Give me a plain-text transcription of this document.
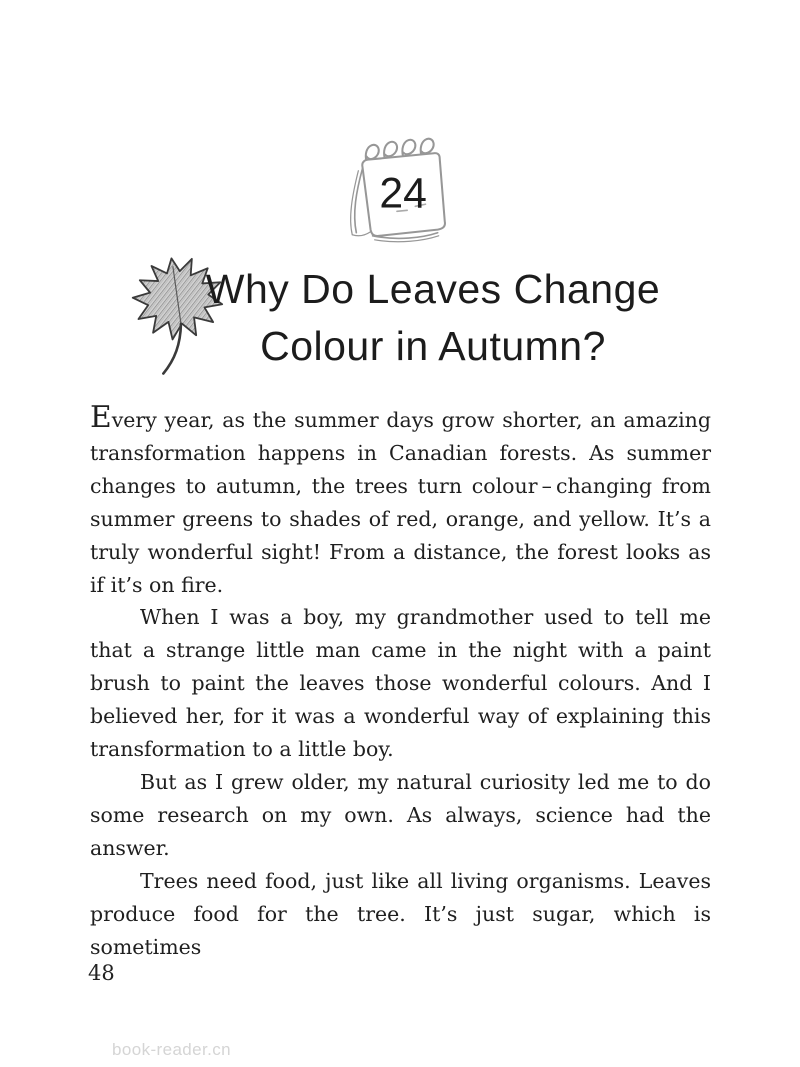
24
Why Do Leaves Change
Colour in Autumn?

Every year, as the summer days grow shorter, an amazing transformation happens in Canadian forests. As summer changes to autumn, the trees turn colour – changing from summer greens to shades of red, orange, and yellow. It’s a truly wonderful sight! From a distance, the forest looks as if it’s on fire.

When I was a boy, my grandmother used to tell me that a strange little man came in the night with a paint brush to paint the leaves those wonderful colours. And I believed her, for it was a wonderful way of explaining this transformation to a little boy.

But as I grew older, my natural curiosity led me to do some research on my own. As always, science had the answer.

Trees need food, just like all living organisms. Leaves produce food for the tree. It’s just sugar, which is sometimes

48
book-reader.cn
